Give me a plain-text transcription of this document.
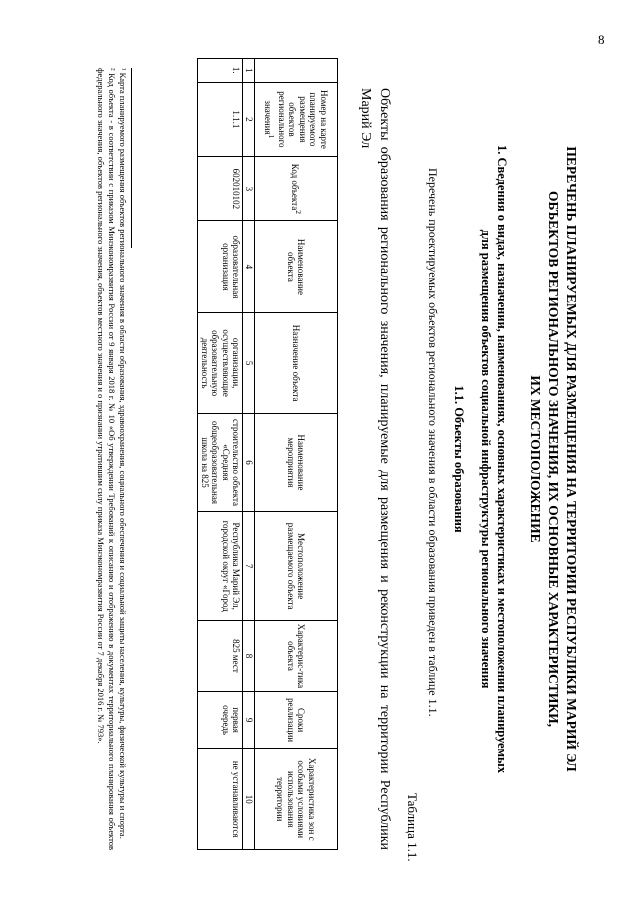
8
ПЕРЕЧЕНЬ ПЛАНИРУЕМЫХ ДЛЯ РАЗМЕЩЕНИЯ НА ТЕРРИТОРИИ РЕСПУБЛИКИ МАРИЙ ЭЛ
ОБЪЕКТОВ РЕГИОНАЛЬНОГО ЗНАЧЕНИЯ, ИХ ОСНОВНЫЕ ХАРАКТЕРИСТИКИ,
ИХ МЕСТОПОЛОЖЕНИЕ
1. Сведения о видах, назначении, наименованиях, основных характеристиках и местоположении планируемых
для размещения объектов социальной инфраструктуры регионального значения
1.1. Объекты образования
Перечень проектируемых объектов регионального значения в области образования приведен в таблице 1.1.
Таблица 1.1.
Объекты образования регионального значения, планируемые для размещения и реконструкции на территории Республики Марий Эл
	Номер на карте планируемого размещения объектов регионального значения$^1$	Код объекта$^2$	Наименование объекта	Назначение объекта	Наименование мероприятия	Местоположение размещаемого объекта	Характерис-тика объекта	Сроки реализации	Характеристика зон с особыми условиями использования территории
1	2	3	4	5	6	7	8	9	10
1.	1.1.1	602010102	образовательная организация	организации, осуществляющие образовательную деятельность	строительство объекта «Средняя общеобразовательная школа на 825	Республика Марий Эл, городской округ «Город	825 мест	первая очередь	не устанавливаются

¹ Карта планируемого размещения объектов регионального значения в области образования, здравоохранения, социального обеспечения и социальной защиты населения, культуры, физической культуры и спорта.

² Код объекта - в соответствии с приказом Минэкономразвития России от 9 января 2018 г. № 10 «Об утверждении Требований к описанию и отображению в документах территориального планирования объектов федерального значения, объектов регионального значения, объектов местного значения и о признании утратившим силу приказа Минэкономразвития России от 7 декабря 2016 г. № 793».
